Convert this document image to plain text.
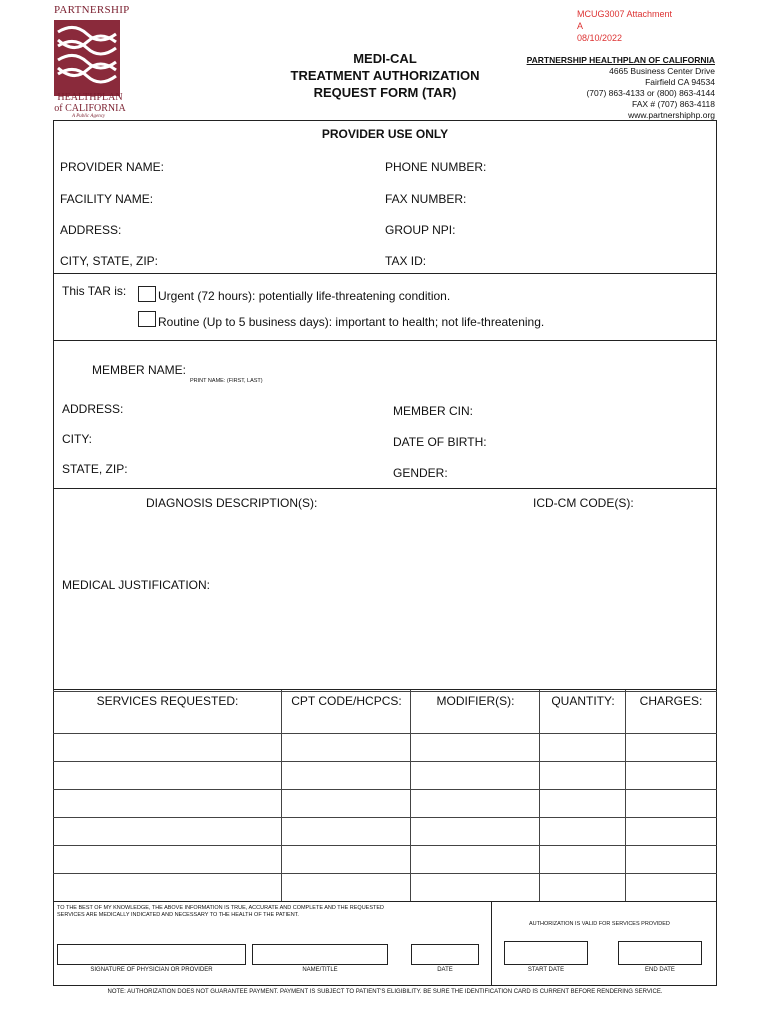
PARTNERSHIP
HEALTHPLAN
of CALIFORNIA
A Public Agency
MCUG3007 Attachment A
08/10/2022
MEDI-CAL
TREATMENT AUTHORIZATION
REQUEST FORM (TAR)
PARTNERSHIP HEALTHPLAN OF CALIFORNIA
4665 Business Center Drive
Fairfield CA 94534
(707) 863-4133 or (800) 863-4144
FAX # (707) 863-4118
www.partnershiphp.org
PROVIDER USE ONLY
PROVIDER NAME:	PHONE NUMBER:
FACILITY NAME:	FAX NUMBER:
ADDRESS:	GROUP NPI:
CITY, STATE, ZIP:	TAX ID:
This TAR is:	Urgent (72 hours): potentially life-threatening condition.
Routine (Up to 5 business days): important to health; not life-threatening.
MEMBER NAME:
PRINT NAME: (FIRST, LAST)
ADDRESS:	MEMBER CIN:
CITY:	DATE OF BIRTH:
STATE, ZIP:	GENDER:
DIAGNOSIS DESCRIPTION(S):	ICD-CM CODE(S):
MEDICAL JUSTIFICATION:
SERVICES REQUESTED:	CPT CODE/HCPCS:	MODIFIER(S):	QUANTITY:	CHARGES:
TO THE BEST OF MY KNOWLEDGE, THE ABOVE INFORMATION IS TRUE, ACCURATE AND COMPLETE AND THE REQUESTED
SERVICES ARE MEDICALLY INDICATED AND NECESSARY TO THE HEALTH OF THE PATIENT.
AUTHORIZATION IS VALID FOR SERVICES PROVIDED
SIGNATURE OF PHYSICIAN OR PROVIDER	NAME/TITLE	DATE	START DATE	END DATE
NOTE: AUTHORIZATION DOES NOT GUARANTEE PAYMENT. PAYMENT IS SUBJECT TO PATIENT'S ELIGIBILITY. BE SURE THE IDENTIFICATION CARD IS CURRENT BEFORE RENDERING SERVICE.
